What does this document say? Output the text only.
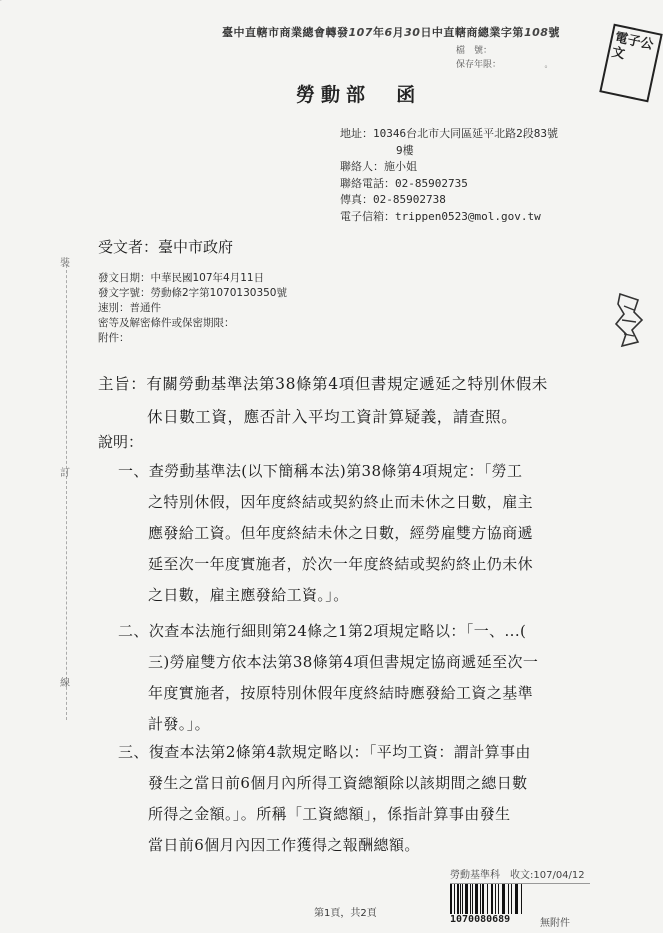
臺中直轄市商業總會轉發107年6月30日中直轄商總業字第108號
檔　號：
保存年限：	。
電子公文
勞動部 函
地址：10346台北市大同區延平北路2段83號
9樓
聯絡人：施小姐
聯絡電話：02-85902735
傳真：02-85902738
電子信箱：trippen0523@mol.gov.tw
裝
訂
線
受文者：臺中市政府
發文日期：中華民國107年4月11日
發文字號：勞動條2字第1070130350號
速別：普通件
密等及解密條件或保密期限：
附件：
主旨：有關勞動基準法第38條第4項但書規定遞延之特別休假未
休日數工資，應否計入平均工資計算疑義，請查照。
說明：
一、查勞動基準法(以下簡稱本法)第38條第4項規定：「勞工
之特別休假，因年度終結或契約終止而未休之日數，雇主
應發給工資。但年度終結未休之日數，經勞雇雙方協商遞
延至次一年度實施者，於次一年度終結或契約終止仍未休
之日數，雇主應發給工資。」。
二、次查本法施行細則第24條之1第2項規定略以：「一、...(
三)勞雇雙方依本法第38條第4項但書規定協商遞延至次一
年度實施者，按原特別休假年度終結時應發給工資之基準
計發。」。
三、復查本法第2條第4款規定略以：「平均工資：謂計算事由
發生之當日前6個月內所得工資總額除以該期間之總日數
所得之金額。」。所稱「工資總額」，係指計算事由發生
當日前6個月內因工作獲得之報酬總額。
勞動基準科　收文:107/04/12
1070080689	無附件
第1頁，共2頁
